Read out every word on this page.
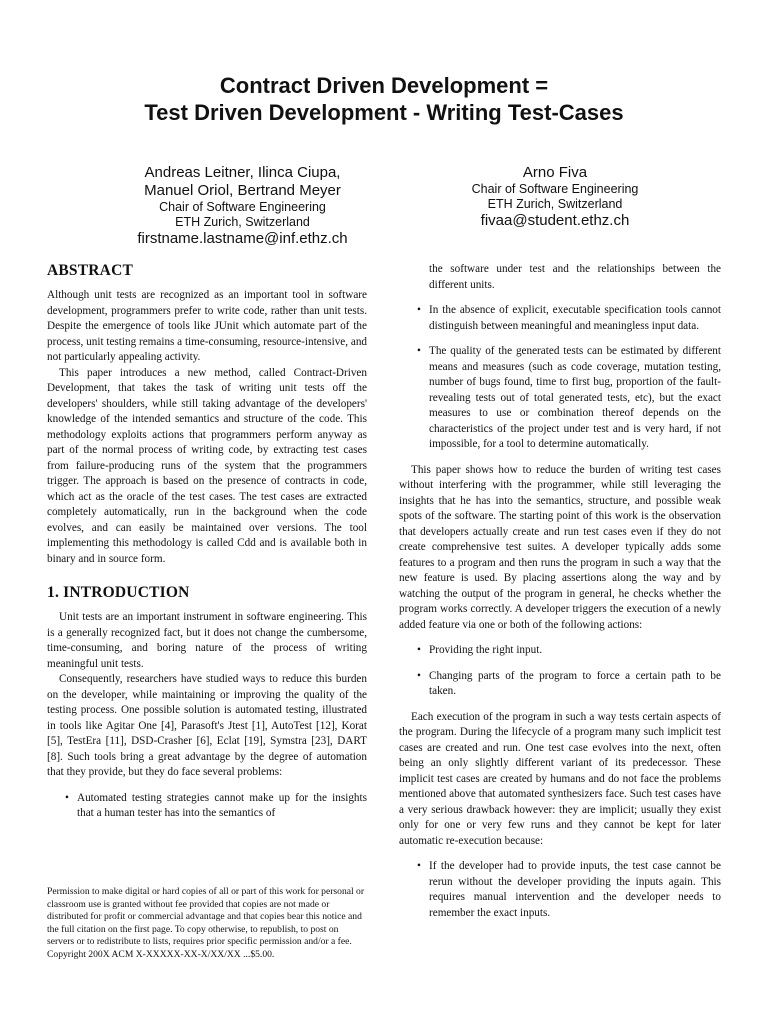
Contract Driven Development =
Test Driven Development - Writing Test-Cases
Andreas Leitner, Ilinca Ciupa,
Manuel Oriol, Bertrand Meyer
Chair of Software Engineering
ETH Zurich, Switzerland
firstname.lastname@inf.ethz.ch
Arno Fiva
Chair of Software Engineering
ETH Zurich, Switzerland
fivaa@student.ethz.ch
ABSTRACT

Although unit tests are recognized as an important tool in software development, programmers prefer to write code, rather than unit tests. Despite the emergence of tools like JUnit which automate part of the process, unit testing remains a time-consuming, resource-intensive, and not particularly appealing activity.

This paper introduces a new method, called Contract-Driven Development, that takes the task of writing unit tests off the developers' shoulders, while still taking advantage of the developers' knowledge of the intended semantics and structure of the code. This methodology exploits actions that programmers perform anyway as part of the normal process of writing code, by extracting test cases from failure-producing runs of the system that the programmers trigger. The approach is based on the presence of contracts in code, which act as the oracle of the test cases. The test cases are extracted completely automatically, run in the background when the code evolves, and can easily be maintained over versions. The tool implementing this methodology is called Cdd and is available both in binary and in source form.

1. INTRODUCTION

Unit tests are an important instrument in software engineering. This is a generally recognized fact, but it does not change the cumbersome, time-consuming, and boring nature of the process of writing meaningful unit tests.

Consequently, researchers have studied ways to reduce this burden on the developer, while maintaining or improving the quality of the testing process. One possible solution is automated testing, illustrated in tools like Agitar One [4], Parasoft's Jtest [1], AutoTest [12], Korat [5], TestEra [11], DSD-Crasher [6], Eclat [19], Symstra [23], DART [8]. Such tools bring a great advantage by the degree of automation that they provide, but they do face several problems:

• Automated testing strategies cannot make up for the insights that a human tester has into the semantics of
the software under test and the relationships between the different units.
• In the absence of explicit, executable specification tools cannot distinguish between meaningful and meaningless input data.
• The quality of the generated tests can be estimated by different means and measures (such as code coverage, mutation testing, number of bugs found, time to first bug, proportion of the fault-revealing tests out of total generated tests, etc), but the exact measures to use or combination thereof depends on the characteristics of the project under test and is very hard, if not impossible, for a tool to determine automatically.

This paper shows how to reduce the burden of writing test cases without interfering with the programmer, while still leveraging the insights that he has into the semantics, structure, and possible weak spots of the software. The starting point of this work is the observation that developers actually create and run test cases even if they do not create comprehensive test suites. A developer typically adds some features to a program and then runs the program in such a way that the new feature is used. By placing assertions along the way and by watching the output of the program in general, he checks whether the program works correctly. A developer triggers the execution of a newly added feature via one or both of the following actions:

• Providing the right input.
• Changing parts of the program to force a certain path to be taken.

Each execution of the program in such a way tests certain aspects of the program. During the lifecycle of a program many such implicit test cases are created and run. One test case evolves into the next, often being an only slightly different variant of its predecessor. These implicit test cases are created by humans and do not face the problems mentioned above that automated synthesizers face. Such test cases have a very serious drawback however: they are implicit; usually they exist only for one or very few runs and they cannot be kept for later automatic re-execution because:

• If the developer had to provide inputs, the test case cannot be rerun without the developer providing the inputs again. This requires manual intervention and the developer needs to remember the exact inputs.
Permission to make digital or hard copies of all or part of this work for personal or classroom use is granted without fee provided that copies are not made or distributed for profit or commercial advantage and that copies bear this notice and the full citation on the first page. To copy otherwise, to republish, to post on servers or to redistribute to lists, requires prior specific permission and/or a fee.
Copyright 200X ACM X-XXXXX-XX-X/XX/XX ...$5.00.
